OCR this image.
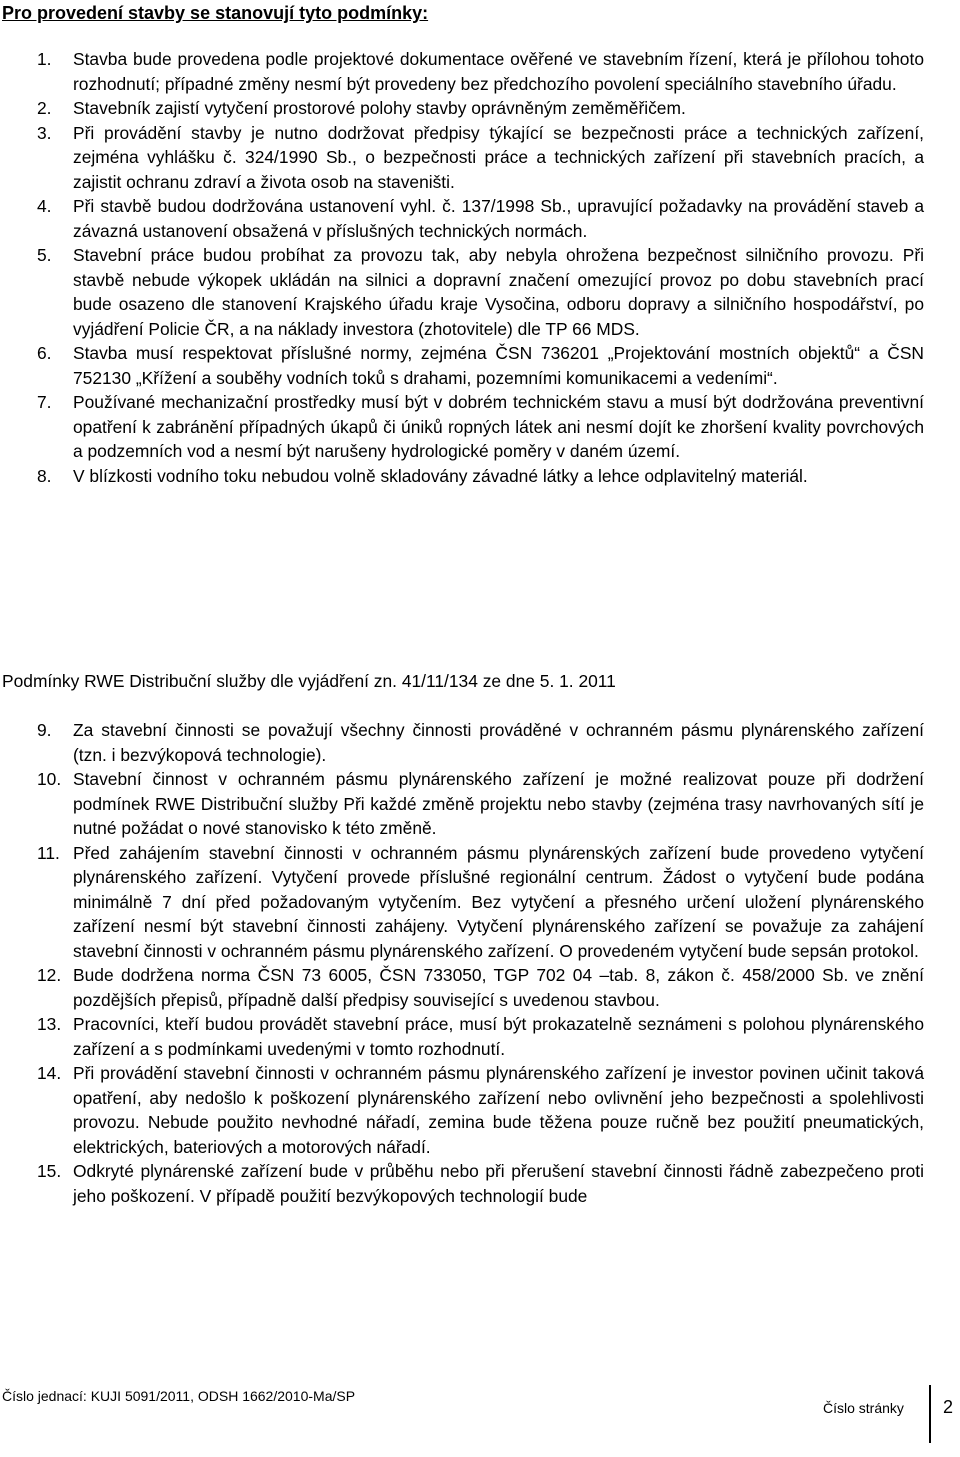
Pro provedení stavby se stanovují tyto podmínky:
1. Stavba bude provedena podle projektové dokumentace ověřené ve stavebním řízení, která je přílohou tohoto rozhodnutí; případné změny nesmí být provedeny bez předchozího povolení speciálního stavebního úřadu.
2. Stavebník zajistí vytyčení prostorové polohy stavby oprávněným zeměměřičem.
3. Při provádění stavby je nutno dodržovat předpisy týkající se bezpečnosti práce a technických zařízení, zejména vyhlášku č. 324/1990 Sb., o bezpečnosti práce a technických zařízení při stavebních pracích, a zajistit ochranu zdraví a života osob na staveništi.
4. Při stavbě budou dodržována ustanovení vyhl. č. 137/1998 Sb., upravující požadavky na provádění staveb a závazná ustanovení obsažená v příslušných technických normách.
5. Stavební práce budou probíhat za provozu tak, aby nebyla ohrožena bezpečnost silničního provozu. Při stavbě nebude výkopek ukládán na silnici a dopravní značení omezující provoz po dobu stavebních prací bude osazeno dle stanovení Krajského úřadu kraje Vysočina, odboru dopravy a silničního hospodářství, po vyjádření Policie ČR, a na náklady investora (zhotovitele) dle TP 66 MDS.
6. Stavba musí respektovat příslušné normy, zejména ČSN 736201 „Projektování mostních objektů“ a ČSN 752130 „Křížení a souběhy vodních toků s drahami, pozemními komunikacemi a vedeními“.
7. Používané mechanizační prostředky musí být v dobrém technickém stavu a musí být dodržována preventivní opatření k zabránění případných úkapů či úniků ropných látek ani nesmí dojít ke zhoršení kvality povrchových a podzemních vod a nesmí být narušeny hydrologické poměry v daném území.
8. V blízkosti vodního toku nebudou volně skladovány závadné látky a lehce odplavitelný materiál.
Podmínky RWE Distribuční služby dle vyjádření zn. 41/11/134 ze dne 5. 1. 2011
9. Za stavební činnosti se považují všechny činnosti prováděné v ochranném pásmu plynárenského zařízení (tzn. i bezvýkopová technologie).
10. Stavební činnost v ochranném pásmu plynárenského zařízení je možné realizovat pouze při dodržení podmínek RWE Distribuční služby Při každé změně projektu nebo stavby (zejména trasy navrhovaných sítí je nutné požádat o nové stanovisko k této změně.
11. Před zahájením stavební činnosti v ochranném pásmu plynárenských zařízení bude provedeno vytyčení plynárenského zařízení. Vytyčení provede příslušné regionální centrum. Žádost o vytyčení bude podána minimálně 7 dní před požadovaným vytyčením. Bez vytyčení a přesného určení uložení plynárenského zařízení nesmí být stavební činnosti zahájeny. Vytyčení plynárenského zařízení se považuje za zahájení stavební činnosti v ochranném pásmu plynárenského zařízení. O provedeném vytyčení bude sepsán protokol.
12. Bude dodržena norma ČSN 73 6005, ČSN 733050, TGP 702 04 –tab. 8, zákon č. 458/2000 Sb. ve znění pozdějších přepisů, případně další předpisy související s uvedenou stavbou.
13. Pracovníci, kteří budou provádět stavební práce, musí být prokazatelně seznámeni s polohou plynárenského zařízení a s podmínkami uvedenými v tomto rozhodnutí.
14. Při provádění stavební činnosti v ochranném pásmu plynárenského zařízení je investor povinen učinit taková opatření, aby nedošlo k poškození plynárenského zařízení nebo ovlivnění jeho bezpečnosti a spolehlivosti provozu. Nebude použito nevhodné nářadí, zemina bude těžena pouze ručně bez použití pneumatických, elektrických, bateriových a motorových nářadí.
15. Odkryté plynárenské zařízení bude v průběhu nebo při přerušení stavební činnosti řádně zabezpečeno proti jeho poškození. V případě použití bezvýkopových technologií bude
Číslo jednací: KUJI 5091/2011, ODSH 1662/2010-Ma/SP
Číslo stránky 2
